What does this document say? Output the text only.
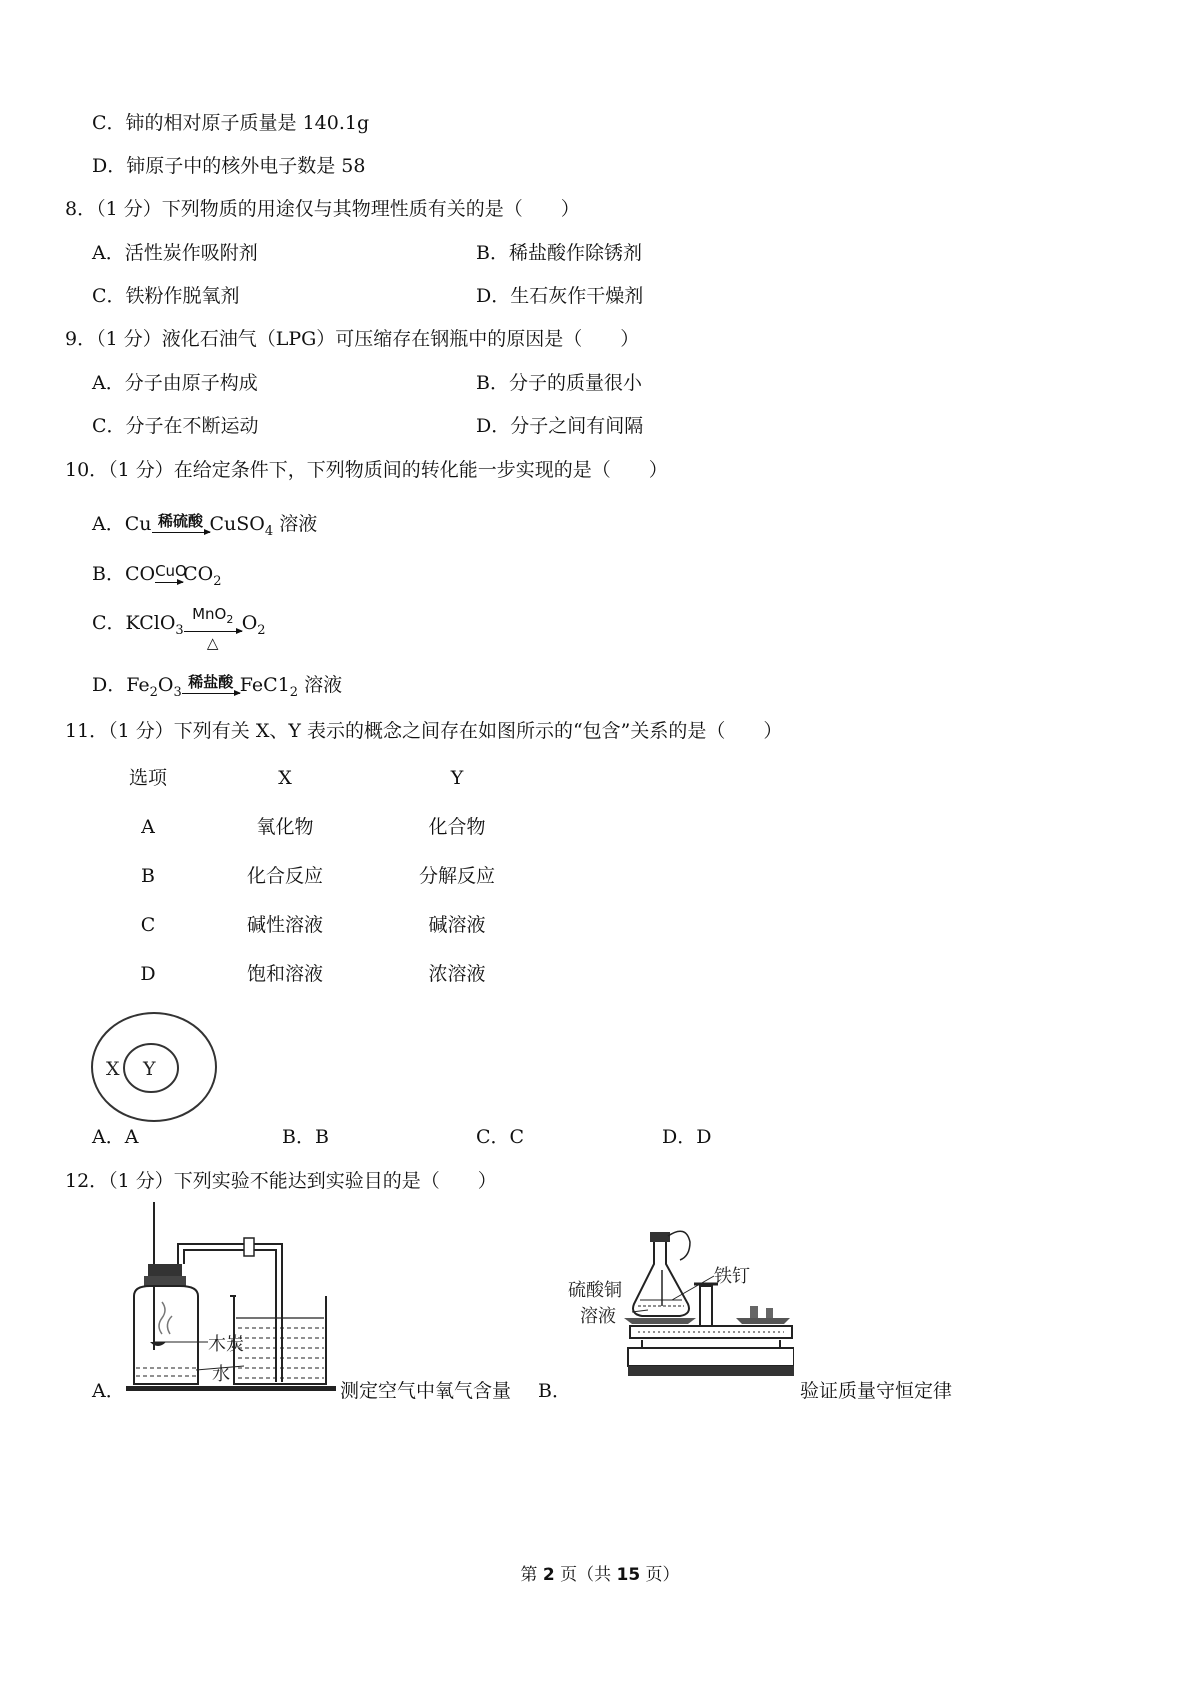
C．铈的相对原子质量是 140.1g
D．铈原子中的核外电子数是 58
8．（1 分）下列物质的用途仅与其物理性质有关的是（　　）
A．活性炭作吸附剂	B．稀盐酸作除锈剂
C．铁粉作脱氧剂	D．生石灰作干燥剂
9．（1 分）液化石油气（LPG）可压缩存在钢瓶中的原因是（　　）
A．分子由原子构成	B．分子的质量很小
C．分子在不断运动	D．分子之间有间隔
10．（1 分）在给定条件下，下列物质间的转化能一步实现的是（　　）
A．Cu 稀硫酸 CuSO$_4$ 溶液
B．CO CuO
$CO_2$
C．KClO$_3$
MnO$_2$
△
$O_2$
D．$Fe_2O_3$
稀盐酸 $FeC1_2$ 溶液
11．（1 分）下列有关 X、Y 表示的概念之间存在如图所示的“包含”关系的是（　　）
选项	X	Y
A	氧化物	化合物
B	化合反应	分解反应
C	碱性溶液	碱溶液
D	饱和溶液	浓溶液
X Y
A．A	B．B	C．C	D．D
12．（1 分）下列实验不能达到实验目的是（　　）
A．
木炭
水
测定空气中氧气含量 B．
硫酸铜
溶液
铁钉
验证质量守恒定律
第 2 页（共 15 页）
